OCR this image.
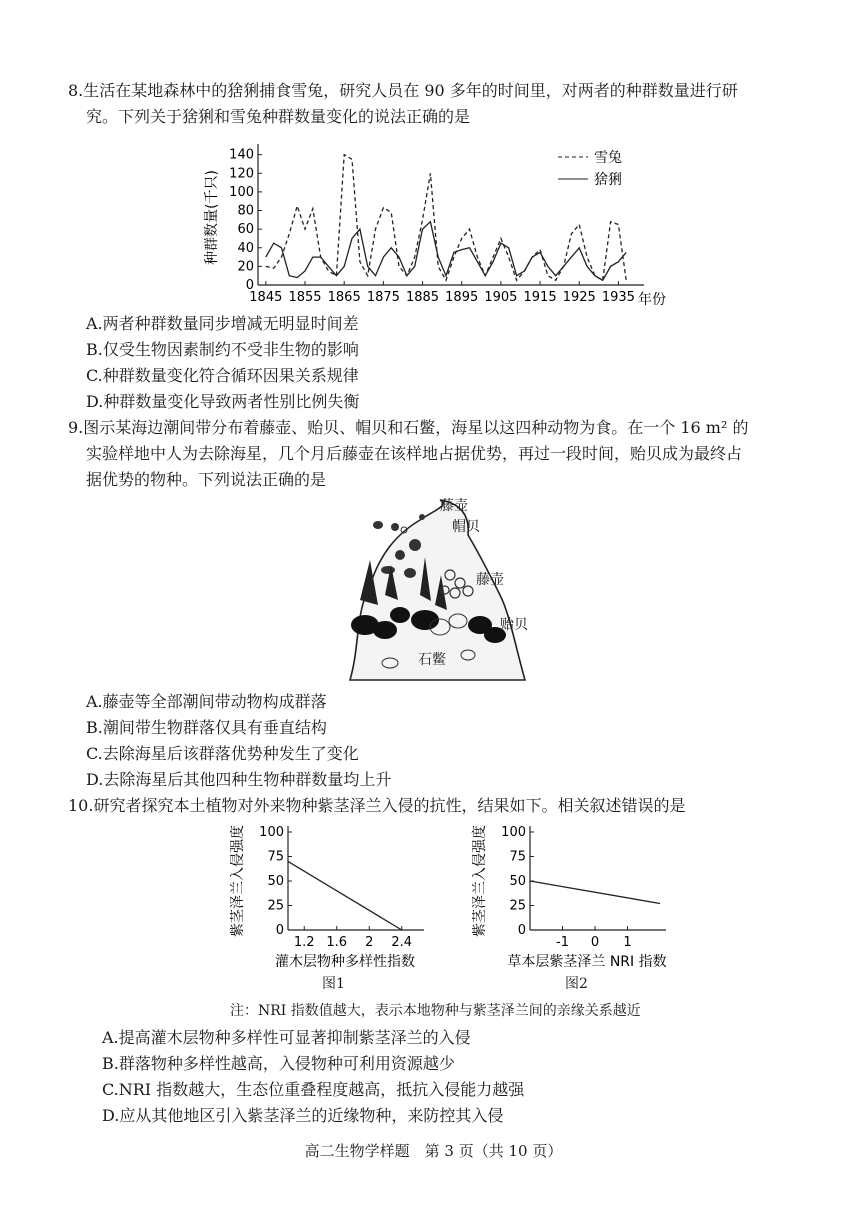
8.生活在某地森林中的猞猁捕食雪兔，研究人员在 90 多年的时间里，对两者的种群数量进行研
究。下列关于猞猁和雪兔种群数量变化的说法正确的是
0
20
40
60
80
100
120
140
1845 1855 1865 1875 1885 1895 1905 1915 1925 1935
种群数量(千只)
年份
雪兔
猞猁
A.两者种群数量同步增减无明显时间差
B.仅受生物因素制约不受非生物的影响
C.种群数量变化符合循环因果关系规律
D.种群数量变化导致两者性别比例失衡
9.图示某海边潮间带分布着藤壶、贻贝、帽贝和石鳖，海星以这四种动物为食。在一个 16 m² 的
实验样地中人为去除海星，几个月后藤壶在该样地占据优势，再过一段时间，贻贝成为最终占
据优势的物种。下列说法正确的是
藤壶
帽贝
藤壶
贻贝
石鳖
A.藤壶等全部潮间带动物构成群落
B.潮间带生物群落仅具有垂直结构
C.去除海星后该群落优势种发生了变化
D.去除海星后其他四种生物种群数量均上升
10.研究者探究本土植物对外来物种紫茎泽兰入侵的抗性，结果如下。相关叙述错误的是
0
25
50
75
100
1.2 1.6 2 2.4
紫茎泽兰入侵强度
灌木层物种多样性指数
0
25
50
75
100
-1 0 1
紫茎泽兰入侵强度
草本层紫茎泽兰 NRI 指数
图1	图2
注：NRI 指数值越大，表示本地物种与紫茎泽兰间的亲缘关系越近
A.提高灌木层物种多样性可显著抑制紫茎泽兰的入侵
B.群落物种多样性越高，入侵物种可利用资源越少
C.NRI 指数越大，生态位重叠程度越高，抵抗入侵能力越强
D.应从其他地区引入紫茎泽兰的近缘物种，来防控其入侵
高二生物学样题　第 3 页（共 10 页）
